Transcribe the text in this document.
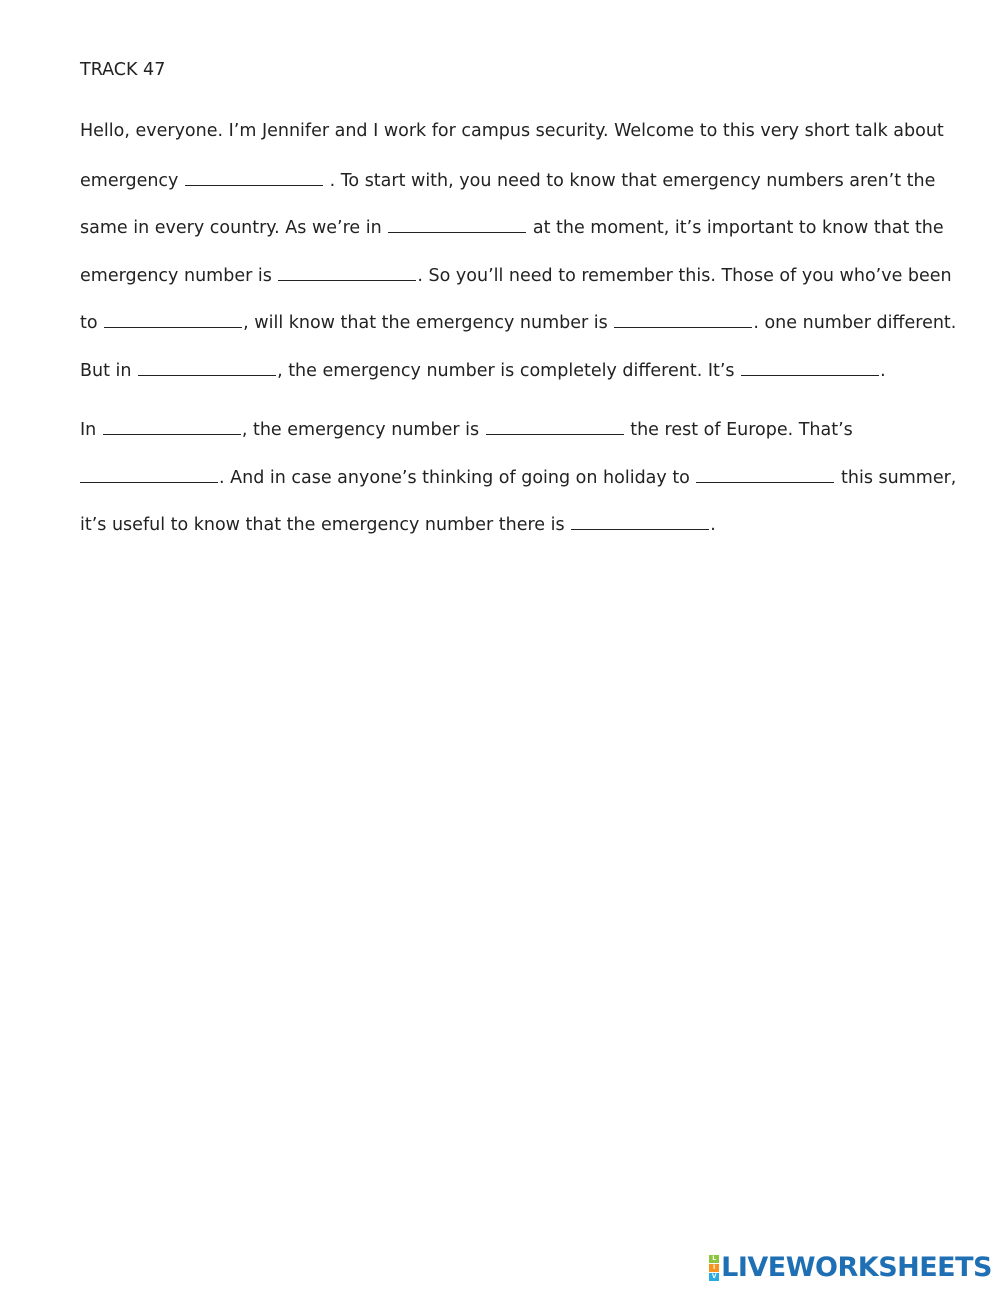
TRACK 47
Hello, everyone. I’m Jennifer and I work for campus security. Welcome to this very short talk about
emergency	. To start with, you need to know that emergency numbers aren’t the
same in every country. As we’re in	at the moment, it’s important to know that the
emergency number is	. So you’ll need to remember this. Those of you who’ve been
to	, will know that the emergency number is	. one number different.
But in	, the emergency number is completely different. It’s	.
In	, the emergency number is	the rest of Europe. That’s
. And in case anyone’s thinking of going on holiday to	this summer,
it’s useful to know that the emergency number there is	.
L
I
V LIVEWORKSHEETS
